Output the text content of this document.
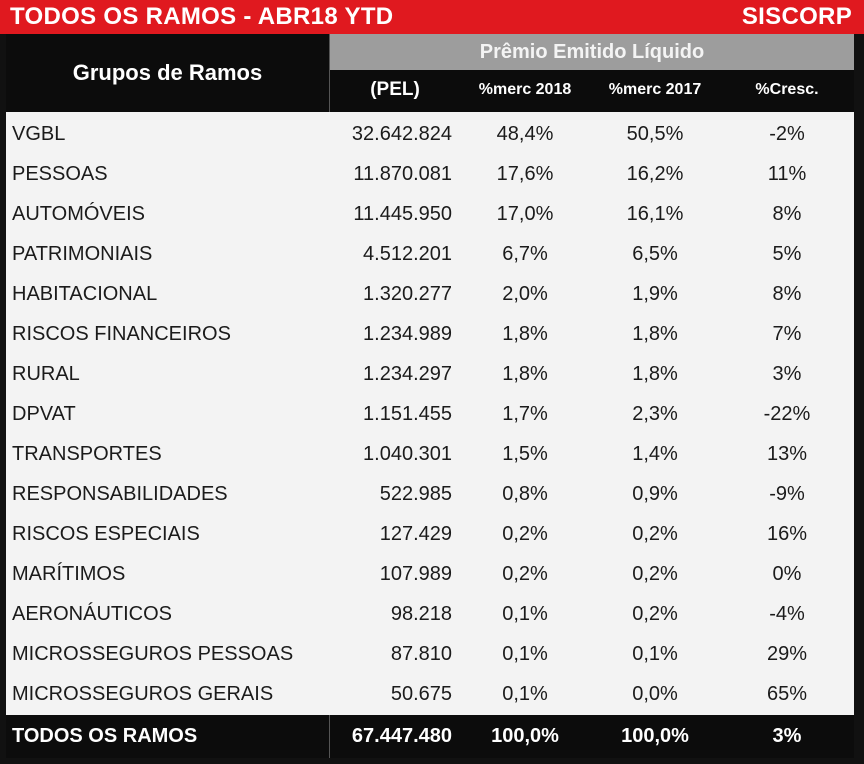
TODOS OS RAMOS - ABR18 YTD	SISCORP
Grupos de Ramos
Prêmio Emitido Líquido
(PEL)	%merc 2018	%merc 2017	%Cresc.
VGBL	32.642.824	48,4%	50,5%	-2%
PESSOAS	11.870.081	17,6%	16,2%	11%
AUTOMÓVEIS	11.445.950	17,0%	16,1%	8%
PATRIMONIAIS	4.512.201	6,7%	6,5%	5%
HABITACIONAL	1.320.277	2,0%	1,9%	8%
RISCOS FINANCEIROS	1.234.989	1,8%	1,8%	7%
RURAL	1.234.297	1,8%	1,8%	3%
DPVAT	1.151.455	1,7%	2,3%	-22%
TRANSPORTES	1.040.301	1,5%	1,4%	13%
RESPONSABILIDADES	522.985	0,8%	0,9%	-9%
RISCOS ESPECIAIS	127.429	0,2%	0,2%	16%
MARÍTIMOS	107.989	0,2%	0,2%	0%
AERONÁUTICOS	98.218	0,1%	0,2%	-4%
MICROSSEGUROS PESSOAS	87.810	0,1%	0,1%	29%
MICROSSEGUROS GERAIS	50.675	0,1%	0,0%	65%
TODOS OS RAMOS	67.447.480	100,0%	100,0%	3%
